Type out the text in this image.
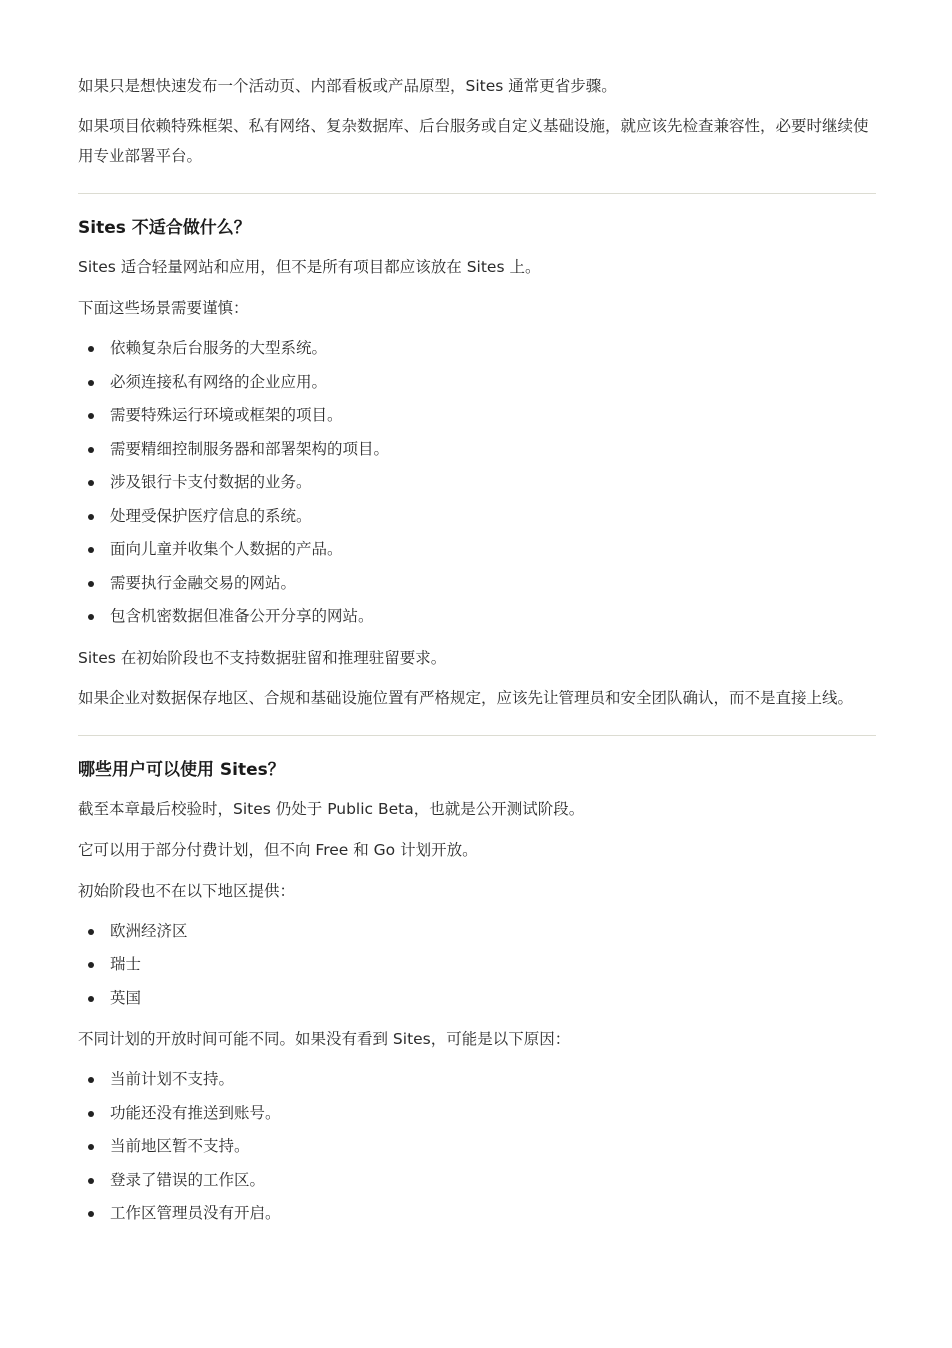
如果只是想快速发布一个活动页、内部看板或产品原型，Sites 通常更省步骤。

如果项目依赖特殊框架、私有网络、复杂数据库、后台服务或自定义基础设施，就应该先检查兼容性，必要时继续使用专业部署平台。

Sites 不适合做什么？

Sites 适合轻量网站和应用，但不是所有项目都应该放在 Sites 上。

下面这些场景需要谨慎：

依赖复杂后台服务的大型系统。
必须连接私有网络的企业应用。
需要特殊运行环境或框架的项目。
需要精细控制服务器和部署架构的项目。
涉及银行卡支付数据的业务。
处理受保护医疗信息的系统。
面向儿童并收集个人数据的产品。
需要执行金融交易的网站。
包含机密数据但准备公开分享的网站。

Sites 在初始阶段也不支持数据驻留和推理驻留要求。

如果企业对数据保存地区、合规和基础设施位置有严格规定，应该先让管理员和安全团队确认，而不是直接上线。

哪些用户可以使用 Sites？

截至本章最后校验时，Sites 仍处于 Public Beta，也就是公开测试阶段。

它可以用于部分付费计划，但不向 Free 和 Go 计划开放。

初始阶段也不在以下地区提供：

欧洲经济区
瑞士
英国

不同计划的开放时间可能不同。如果没有看到 Sites，可能是以下原因：

当前计划不支持。
功能还没有推送到账号。
当前地区暂不支持。
登录了错误的工作区。
工作区管理员没有开启。
